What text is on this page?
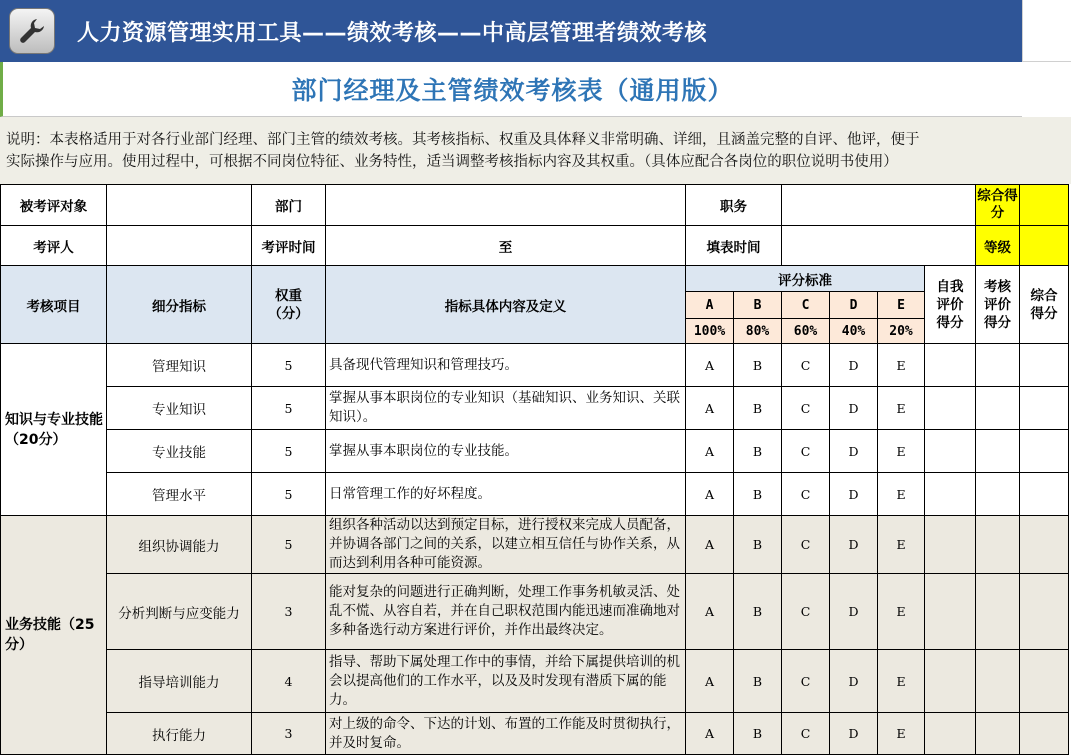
人力资源管理实用工具——绩效考核——中高层管理者绩效考核
部门经理及主管绩效考核表（通用版）
说明：本表格适用于对各行业部门经理、部门主管的绩效考核。其考核指标、权重及具体释义非常明确、详细，且涵盖完整的自评、他评，便于
实际操作与应用。使用过程中，可根据不同岗位特征、业务特性，适当调整考核指标内容及其权重。（具体应配合各岗位的职位说明书使用）
被考评对象		部门		职务						综合得分	
考评人		考评时间	至	填表时间						等级	
考核项目	细分指标	权重（分）	指标具体内容及定义	评分标准					自我评价得分	考核评价得分	综合得分
				A	B	C	D	E			
				100%	80%	60%	40%	20%			
知识与专业技能（20分）	管理知识	5	具备现代管理知识和管理技巧。	A	B	C	D	E			
	专业知识	5	掌握从事本职岗位的专业知识（基础知识、业务知识、关联知识）。	A	B	C	D	E			
	专业技能	5	掌握从事本职岗位的专业技能。	A	B	C	D	E			
	管理水平	5	日常管理工作的好坏程度。	A	B	C	D	E			
业务技能（25分）	组织协调能力	5	组织各种活动以达到预定目标，进行授权来完成人员配备，并协调各部门之间的关系，以建立相互信任与协作关系，从而达到利用各种可能资源。	A	B	C	D	E			
	分析判断与应变能力	3	能对复杂的问题进行正确判断，处理工作事务机敏灵活、处乱不慌、从容自若，并在自己职权范围内能迅速而准确地对多种备选行动方案进行评价，并作出最终决定。	A	B	C	D	E			
	指导培训能力	4	指导、帮助下属处理工作中的事情，并给下属提供培训的机会以提高他们的工作水平，以及及时发现有潜质下属的能力。	A	B	C	D	E			
	执行能力	3	对上级的命令、下达的计划、布置的工作能及时贯彻执行，并及时复命。	A	B	C	D	E			
